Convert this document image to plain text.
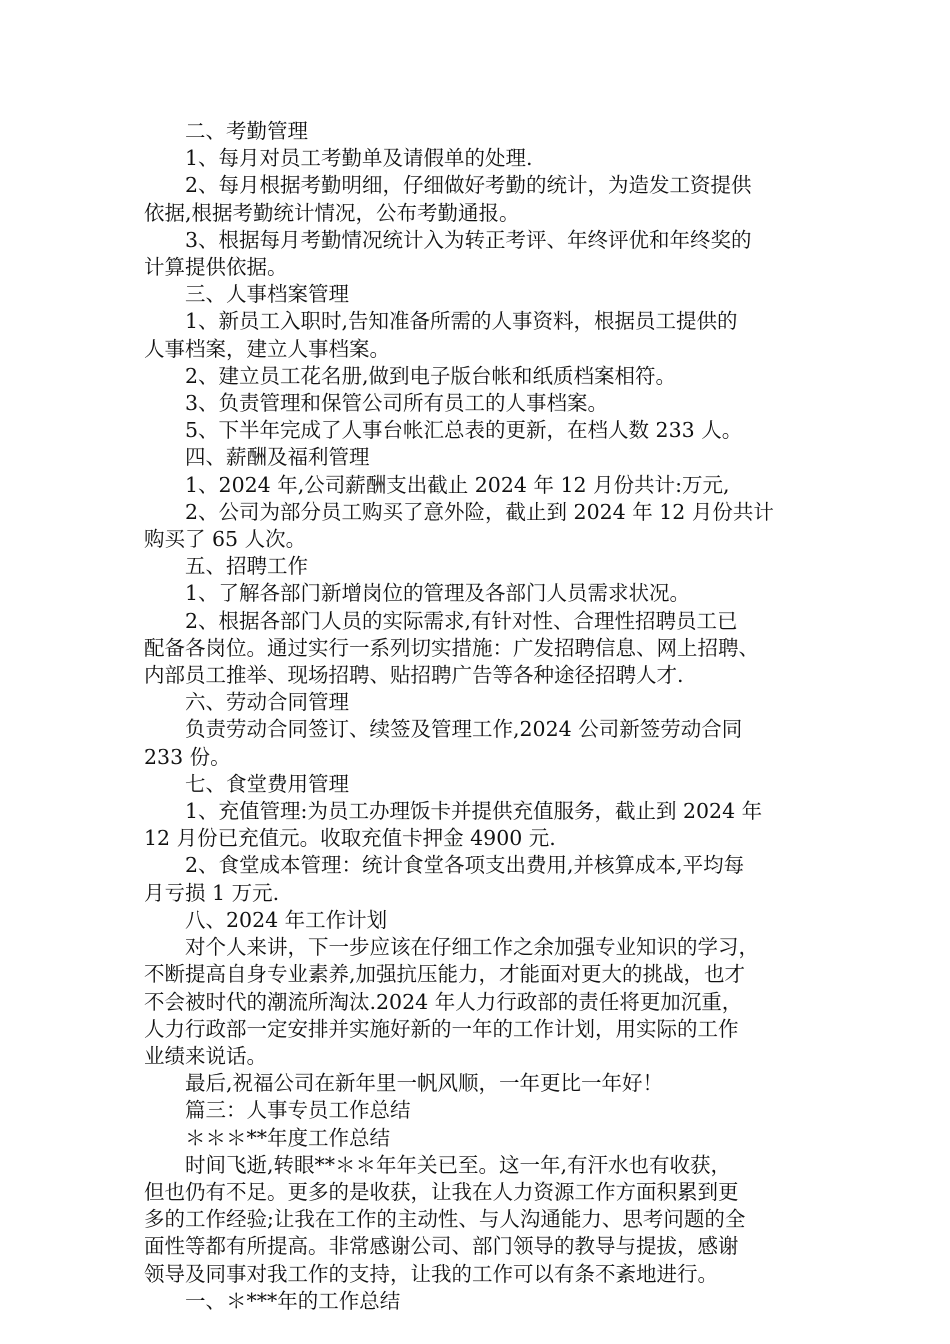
二、考勤管理

1、每月对员工考勤单及请假单的处理.

2、每月根据考勤明细，仔细做好考勤的统计，为造发工资提供

依据,根据考勤统计情况，公布考勤通报。

3、根据每月考勤情况统计入为转正考评、年终评优和年终奖的

计算提供依据。

三、人事档案管理

1、新员工入职时,告知准备所需的人事资料，根据员工提供的

人事档案，建立人事档案。

2、建立员工花名册,做到电子版台帐和纸质档案相符。

3、负责管理和保管公司所有员工的人事档案。

5、下半年完成了人事台帐汇总表的更新，在档人数 233 人。

四、薪酬及福利管理

1、2024 年,公司薪酬支出截止 2024 年 12 月份共计:万元,

2、公司为部分员工购买了意外险，截止到 2024 年 12 月份共计

购买了 65 人次。

五、招聘工作

1、了解各部门新增岗位的管理及各部门人员需求状况。

2、根据各部门人员的实际需求,有针对性、合理性招聘员工已

配备各岗位。通过实行一系列切实措施：广发招聘信息、网上招聘、

内部员工推举、现场招聘、贴招聘广告等各种途径招聘人才.

六、劳动合同管理

负责劳动合同签订、续签及管理工作,2024 公司新签劳动合同

233 份。

七、食堂费用管理

1、充值管理:为员工办理饭卡并提供充值服务，截止到 2024 年

12 月份已充值元。收取充值卡押金 4900 元.

2、食堂成本管理：统计食堂各项支出费用,并核算成本,平均每

月亏损 1 万元.

八、2024 年工作计划

对个人来讲，下一步应该在仔细工作之余加强专业知识的学习，

不断提高自身专业素养,加强抗压能力，才能面对更大的挑战，也才

不会被时代的潮流所淘汰.2024 年人力行政部的责任将更加沉重，

人力行政部一定安排并实施好新的一年的工作计划，用实际的工作

业绩来说话。

最后,祝福公司在新年里一帆风顺，一年更比一年好！

篇三：人事专员工作总结

＊＊＊**年度工作总结

时间飞逝,转眼**＊＊年年关已至。这一年,有汗水也有收获，

但也仍有不足。更多的是收获，让我在人力资源工作方面积累到更

多的工作经验;让我在工作的主动性、与人沟通能力、思考问题的全

面性等都有所提高。非常感谢公司、部门领导的教导与提拔，感谢

领导及同事对我工作的支持，让我的工作可以有条不紊地进行。

一、＊***年的工作总结
